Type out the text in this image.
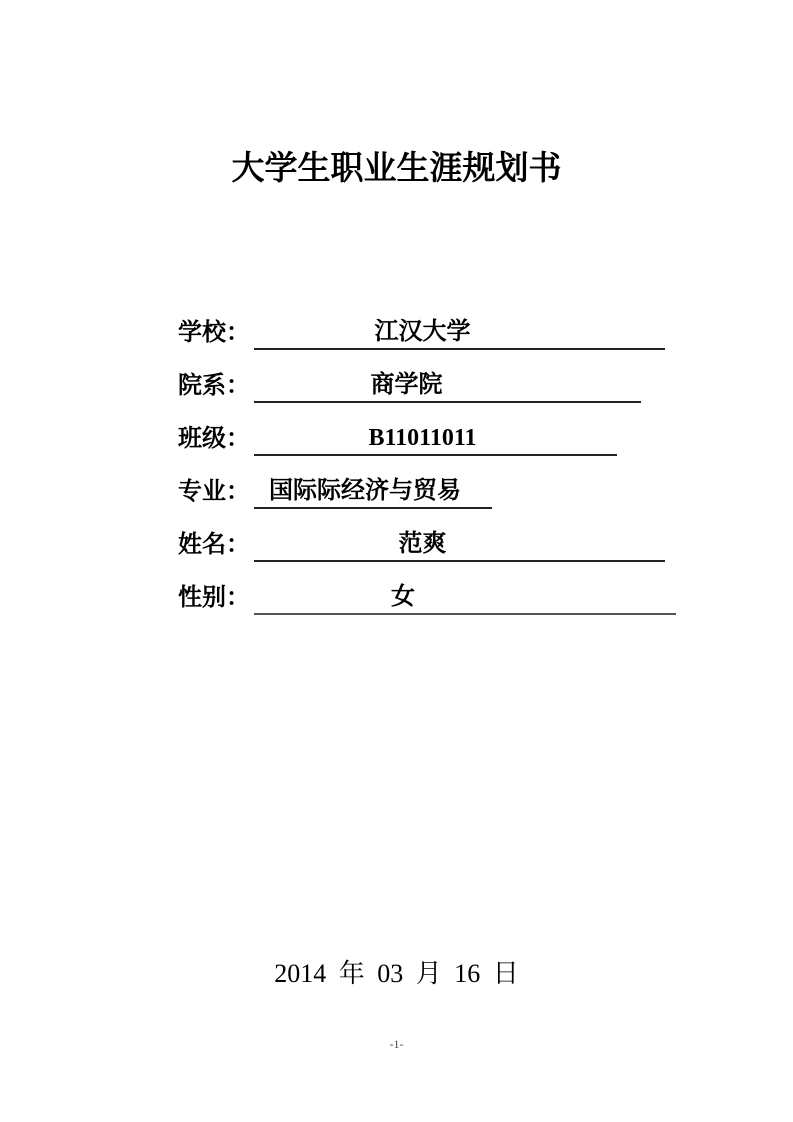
大学生职业生涯规划书
学校：	江汉大学
院系：	商学院
班级：	B11011011
专业： 国际际经济与贸易
姓名：	范爽
性别：	女
2014 年 03 月 16 日
-1-
